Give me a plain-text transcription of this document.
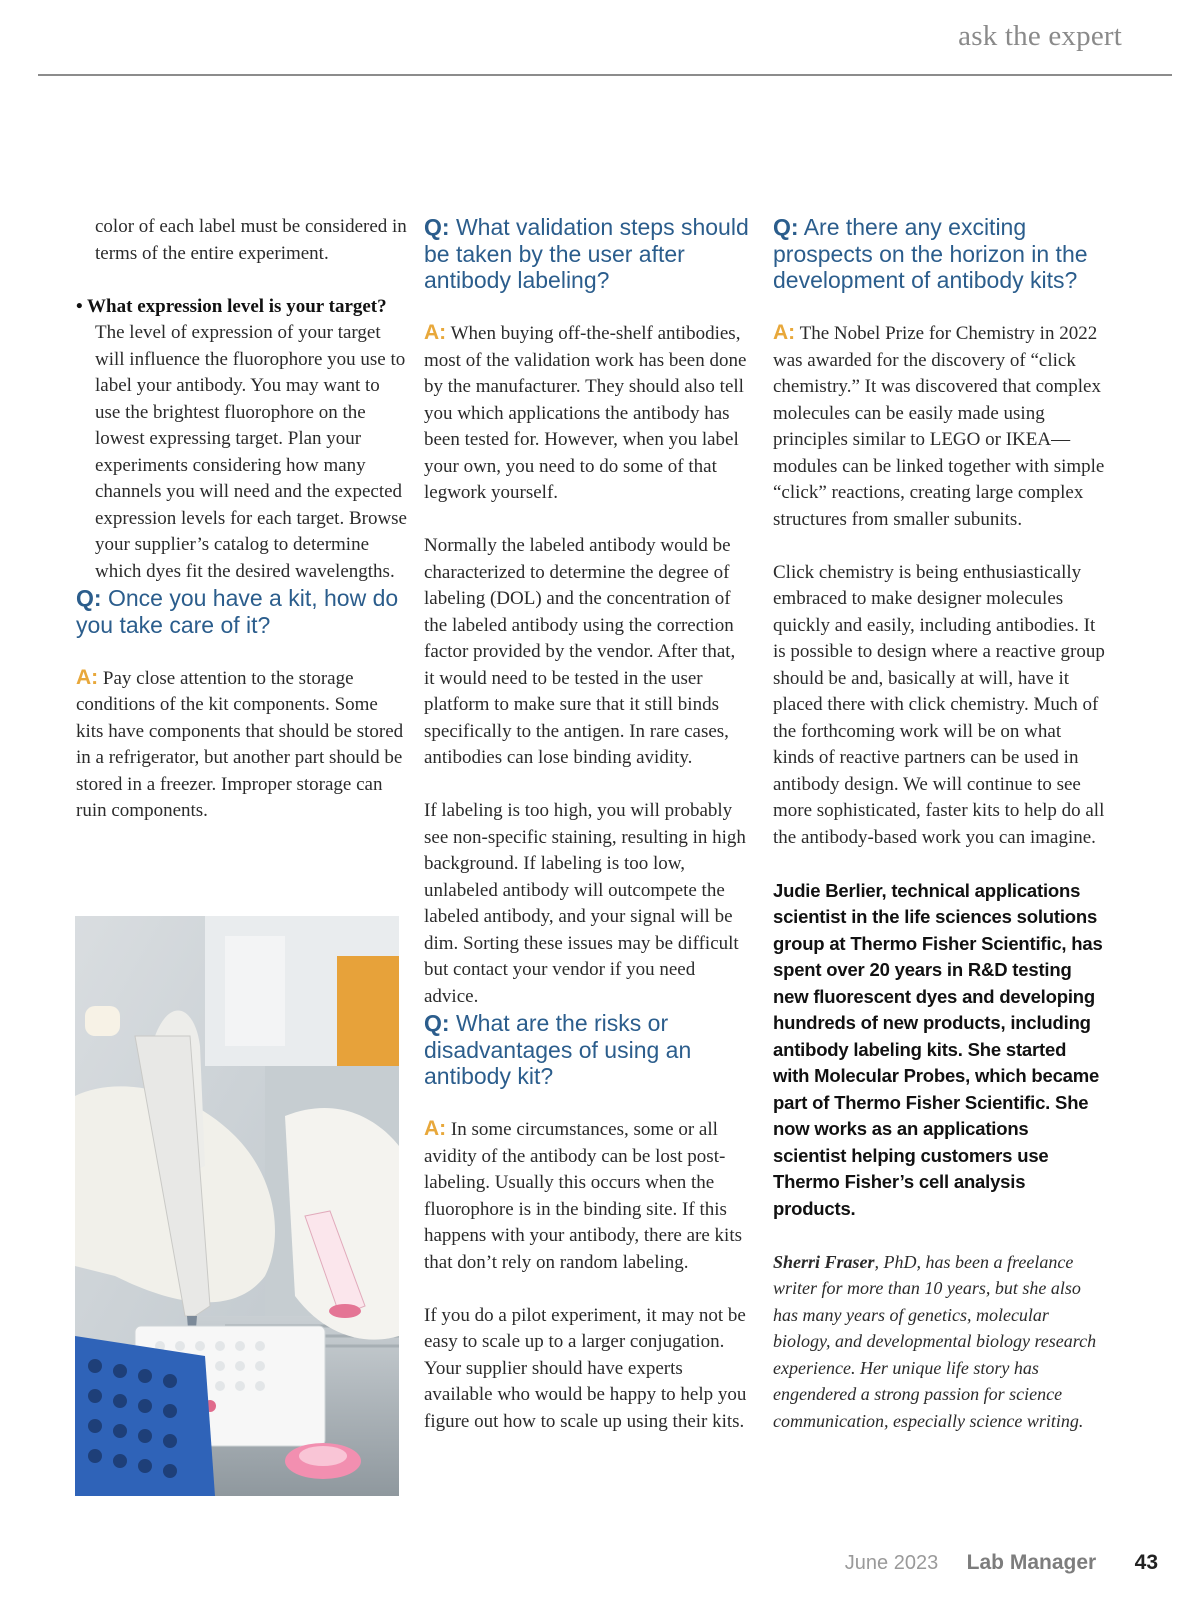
ask the expert

color of each label must be considered in terms of the entire experiment.

• What expression level is your target?

The level of expression of your target will influence the fluorophore you use to label your antibody. You may want to use the brightest fluorophore on the lowest expressing target. Plan your experiments considering how many channels you will need and the expected expression levels for each target. Browse your supplier’s catalog to determine which dyes fit the desired wavelengths.

Q: Once you have a kit, how do you take care of it?

A: Pay close attention to the storage conditions of the kit components. Some kits have components that should be stored in a refrigerator, but another part should be stored in a freezer. Improper storage can ruin components.

Q: What validation steps should be taken by the user after antibody labeling?

A: When buying off-the-shelf antibodies, most of the validation work has been done by the manufacturer. They should also tell you which applications the antibody has been tested for. However, when you label your own, you need to do some of that legwork yourself.

Normally the labeled antibody would be characterized to determine the degree of labeling (DOL) and the concentration of the labeled antibody using the correction factor provided by the vendor. After that, it would need to be tested in the user platform to make sure that it still binds specifically to the antigen. In rare cases, antibodies can lose binding avidity.

If labeling is too high, you will probably see non-specific staining, resulting in high background. If labeling is too low, unlabeled antibody will outcompete the labeled antibody, and your signal will be dim. Sorting these issues may be difficult but contact your vendor if you need advice.

Q: What are the risks or disadvantages of using an antibody kit?

A: In some circumstances, some or all avidity of the antibody can be lost post-labeling. Usually this occurs when the fluorophore is in the binding site. If this happens with your antibody, there are kits that don’t rely on random labeling.

If you do a pilot experiment, it may not be easy to scale up to a larger conjugation. Your supplier should have experts available who would be happy to help you figure out how to scale up using their kits.

Q: Are there any exciting prospects on the horizon in the development of antibody kits?

A: The Nobel Prize for Chemistry in 2022 was awarded for the discovery of “click chemistry.” It was discovered that complex molecules can be easily made using principles similar to LEGO or IKEA—modules can be linked together with simple “click” reactions, creating large complex structures from smaller subunits.

Click chemistry is being enthusiastically embraced to make designer molecules quickly and easily, including antibodies. It is possible to design where a reactive group should be and, basically at will, have it placed there with click chemistry. Much of the forthcoming work will be on what kinds of reactive partners can be used in antibody design. We will continue to see more sophisticated, faster kits to help do all the antibody-based work you can imagine.

Judie Berlier, technical applications scientist in the life sciences solutions group at Thermo Fisher Scientific, has spent over 20 years in R&D testing new fluorescent dyes and developing hundreds of new products, including antibody labeling kits. She started with Molecular Probes, which became part of Thermo Fisher Scientific. She now works as an applications scientist helping customers use Thermo Fisher’s cell analysis products.

Sherri Fraser, PhD, has been a freelance writer for more than 10 years, but she also has many years of genetics, molecular biology, and developmental biology research experience. Her unique life story has engendered a strong passion for science communication, especially science writing.

June 2023 Lab Manager 43
